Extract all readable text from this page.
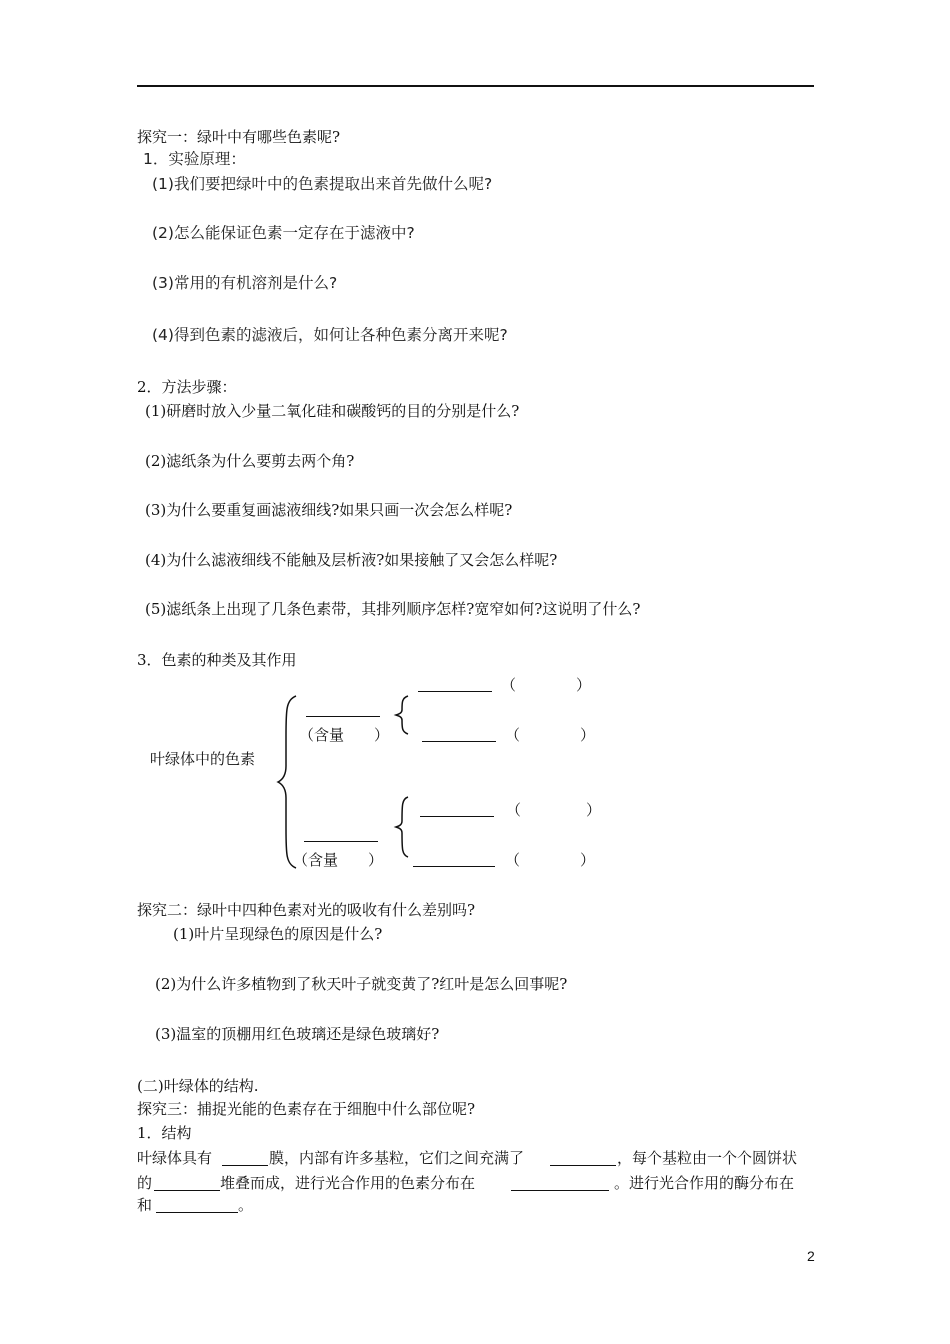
探究一：绿叶中有哪些色素呢?
1．实验原理：
(1)我们要把绿叶中的色素提取出来首先做什么呢?
(2)怎么能保证色素一定存在于滤液中?
(3)常用的有机溶剂是什么?
(4)得到色素的滤液后，如何让各种色素分离开来呢?
2．方法步骤：
(1)研磨时放入少量二氧化硅和碳酸钙的目的分别是什么?
(2)滤纸条为什么要剪去两个角?
(3)为什么要重复画滤液细线?如果只画一次会怎么样呢?
(4)为什么滤液细线不能触及层析液?如果接触了又会怎么样呢?
(5)滤纸条上出现了几条色素带，其排列顺序怎样?宽窄如何?这说明了什么?
3．色素的种类及其作用
叶绿体中的色素
（含量　　）
（	）
（	）
（含量　　）
（	）
（	）
探究二：绿叶中四种色素对光的吸收有什么差别吗?
(1)叶片呈现绿色的原因是什么?
(2)为什么许多植物到了秋天叶子就变黄了?红叶是怎么回事呢?
(3)温室的顶棚用红色玻璃还是绿色玻璃好?
(二)叶绿体的结构.
探究三：捕捉光能的色素存在于细胞中什么部位呢?
1．结构
叶绿体具有	膜，内部有许多基粒，它们之间充满了	，每个基粒由一个个圆饼状
的	堆叠而成，进行光合作用的色素分布在	。进行光合作用的酶分布在
和	。
2
